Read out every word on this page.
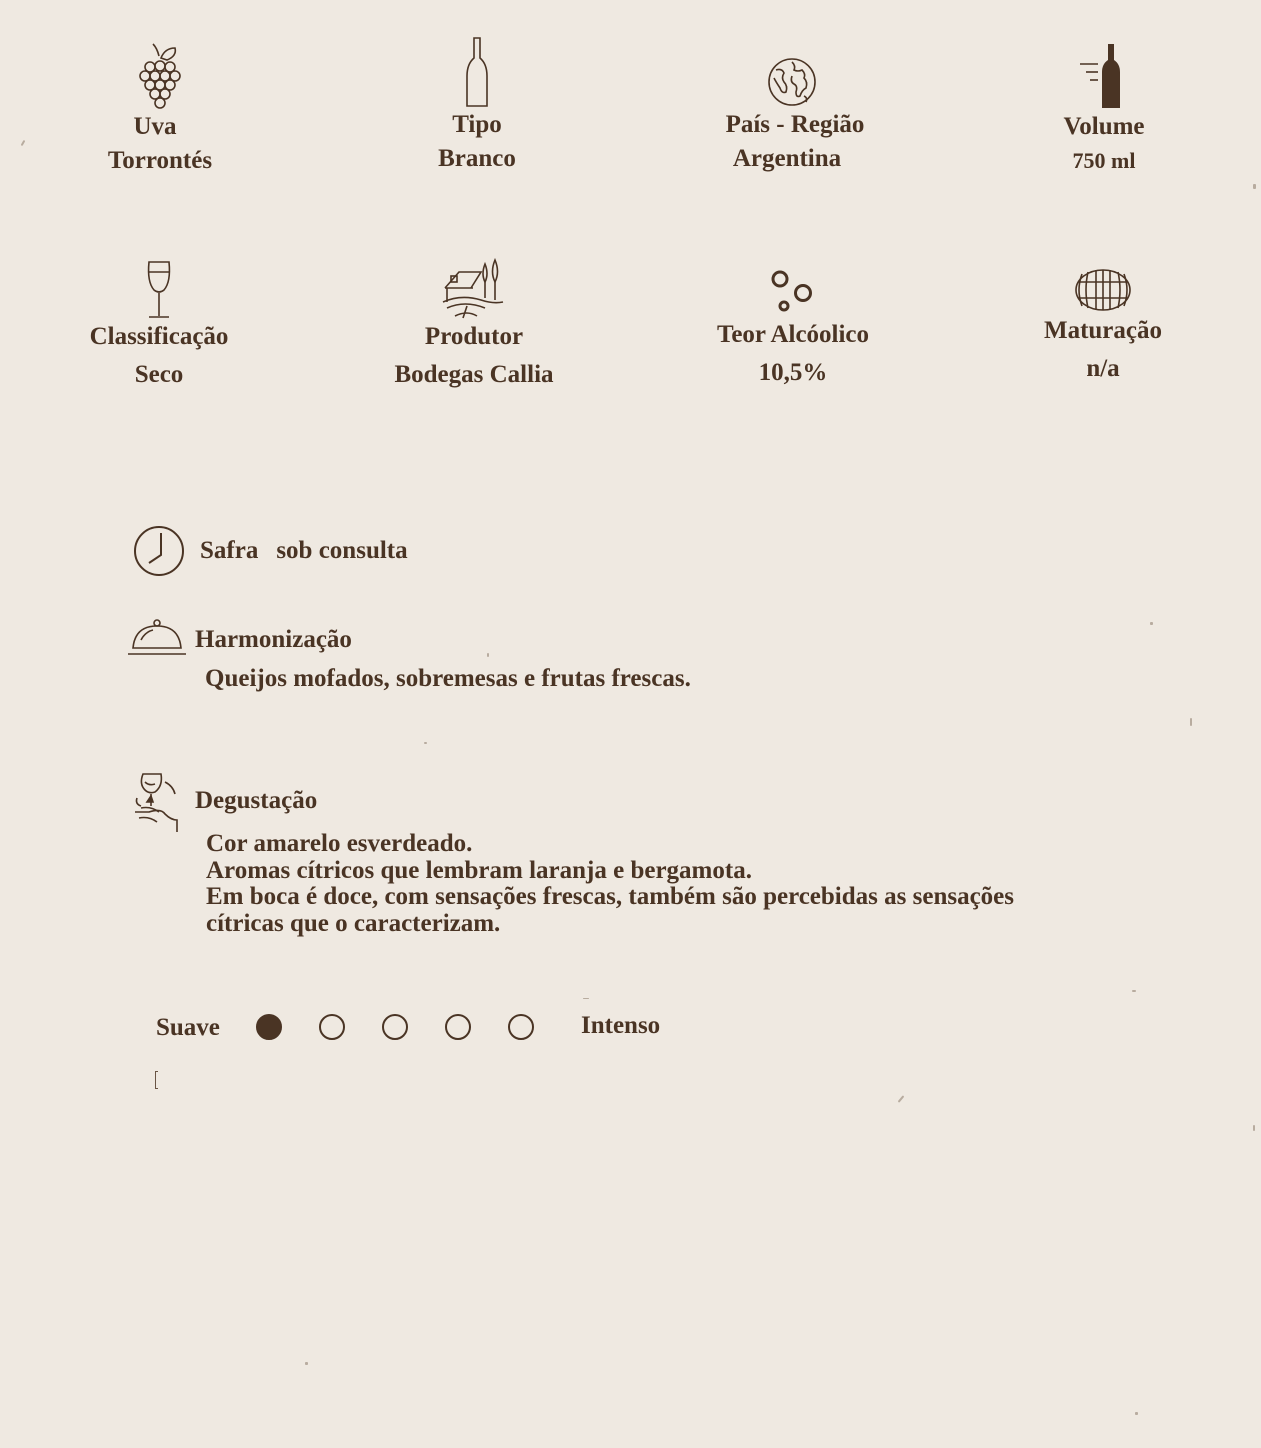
Uva
Torrontés
Tipo
Branco
País - Região
Argentina
Volume
750 ml
Classificação
Seco
Produtor
Bodegas Callia
Teor Alcóolico
10,5%
Maturação
n/a
Safra sob consulta
Harmonização
Queijos mofados, sobremesas e frutas frescas.
Degustação
Cor amarelo esverdeado.
Aromas cítricos que lembram laranja e bergamota.
Em boca é doce, com sensações frescas, também são percebidas as sensações
cítricas que o caracterizam.
Suave	Intenso
